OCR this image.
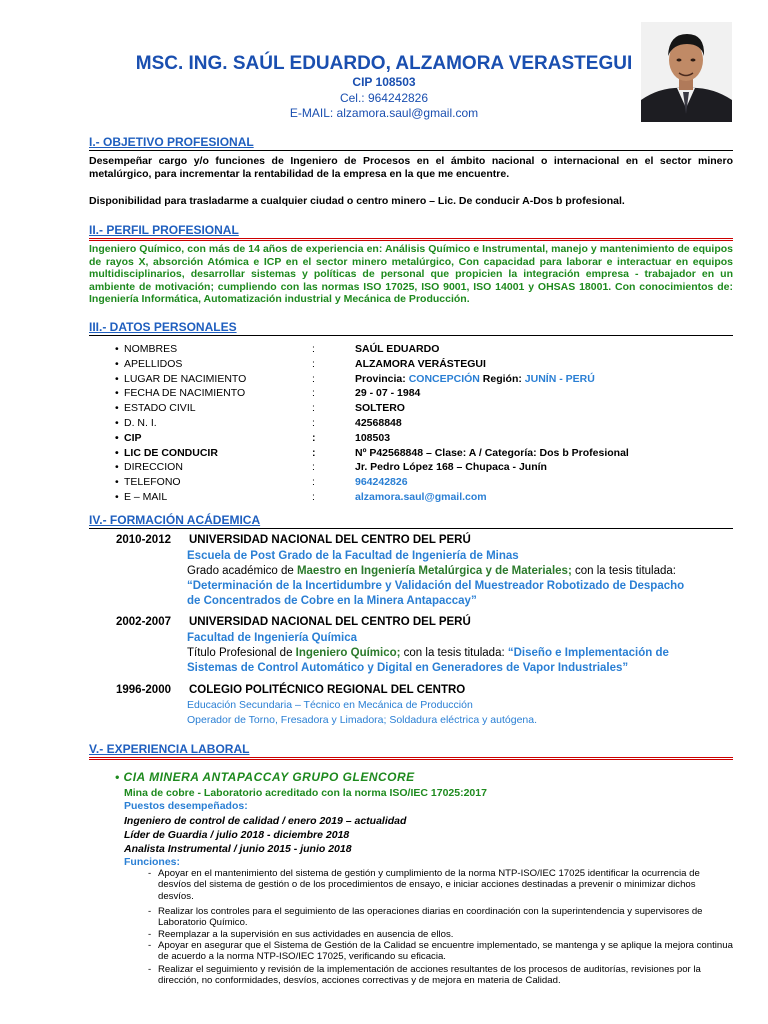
MSC. ING. SAÚL EDUARDO, ALZAMORA VERASTEGUI
CIP 108503
Cel.: 964242826
E-MAIL: alzamora.saul@gmail.com
I.- OBJETIVO PROFESIONAL
Desempeñar cargo y/o funciones de Ingeniero de Procesos en el ámbito nacional o internacional en el sector minero metalúrgico, para incrementar la rentabilidad de la empresa en la que me encuentre.
Disponibilidad para trasladarme a cualquier ciudad o centro minero – Lic. De conducir A-Dos b profesional.
II.- PERFIL PROFESIONAL
Ingeniero Químico, con más de 14 años de experiencia en: Análisis Químico e Instrumental, manejo y mantenimiento de equipos de rayos X, absorción Atómica e ICP en el sector minero metalúrgico, Con capacidad para laborar e interactuar en equipos multidisciplinarios, desarrollar sistemas y políticas de personal que propicien la integración empresa - trabajador en un ambiente de motivación; cumpliendo con las normas ISO 17025, ISO 9001, ISO 14001 y OHSAS 18001. Con conocimientos de: Ingeniería Informática, Automatización industrial y Mecánica de Producción.
III.- DATOS PERSONALES
• NOMBRES	:	SAÚL EDUARDO
• APELLIDOS	:	ALZAMORA VERÁSTEGUI
• LUGAR DE NACIMIENTO	:	Provincia: CONCEPCIÓN Región: JUNÍN - PERÚ
• FECHA DE NACIMIENTO	:	29 - 07 - 1984
• ESTADO CIVIL	:	SOLTERO
• D. N. I.	:	42568848
• CIP	:	108503
• LIC DE CONDUCIR	:	Nº P42568848 – Clase: A / Categoría: Dos b Profesional
• DIRECCION	:	Jr. Pedro López 168 – Chupaca - Junín
• TELEFONO	:	964242826
• E – MAIL	:	alzamora.saul@gmail.com
IV.- FORMACIÓN ACÁDEMICA
2010-2012 UNIVERSIDAD NACIONAL DEL CENTRO DEL PERÚ
Escuela de Post Grado de la Facultad de Ingeniería de Minas
Grado académico de Maestro en Ingeniería Metalúrgica y de Materiales; con la tesis titulada:
“Determinación de la Incertidumbre y Validación del Muestreador Robotizado de Despacho
de Concentrados de Cobre en la Minera Antapaccay”
2002-2007 UNIVERSIDAD NACIONAL DEL CENTRO DEL PERÚ
Facultad de Ingeniería Química
Título Profesional de Ingeniero Químico; con la tesis titulada: “Diseño e Implementación de
Sistemas de Control Automático y Digital en Generadores de Vapor Industriales”
1996-2000 COLEGIO POLITÉCNICO REGIONAL DEL CENTRO
Educación Secundaria – Técnico en Mecánica de Producción
Operador de Torno, Fresadora y Limadora; Soldadura eléctrica y autógena.
V.- EXPERIENCIA LABORAL
• CIA MINERA ANTAPACCAY GRUPO GLENCORE
Mina de cobre - Laboratorio acreditado con la norma ISO/IEC 17025:2017
Puestos desempeñados:
Ingeniero de control de calidad / enero 2019 – actualidad
Líder de Guardia / julio 2018 - diciembre 2018
Analista Instrumental / junio 2015 - junio 2018
Funciones:
- Apoyar en el mantenimiento del sistema de gestión y cumplimiento de la norma NTP-ISO/IEC 17025 identificar la ocurrencia de desvíos del sistema de gestión o de los procedimientos de ensayo, e iniciar acciones destinadas a prevenir o minimizar dichos desvíos.
- Realizar los controles para el seguimiento de las operaciones diarias en coordinación con la superintendencia y supervisores de Laboratorio Químico.
- Reemplazar a la supervisión en sus actividades en ausencia de ellos.
- Apoyar en asegurar que el Sistema de Gestión de la Calidad se encuentre implementado, se mantenga y se aplique la mejora continua de acuerdo a la norma NTP-ISO/IEC 17025, verificando su eficacia.
- Realizar el seguimiento y revisión de la implementación de acciones resultantes de los procesos de auditorías, revisiones por la dirección, no conformidades, desvíos, acciones correctivas y de mejora en materia de Calidad.
